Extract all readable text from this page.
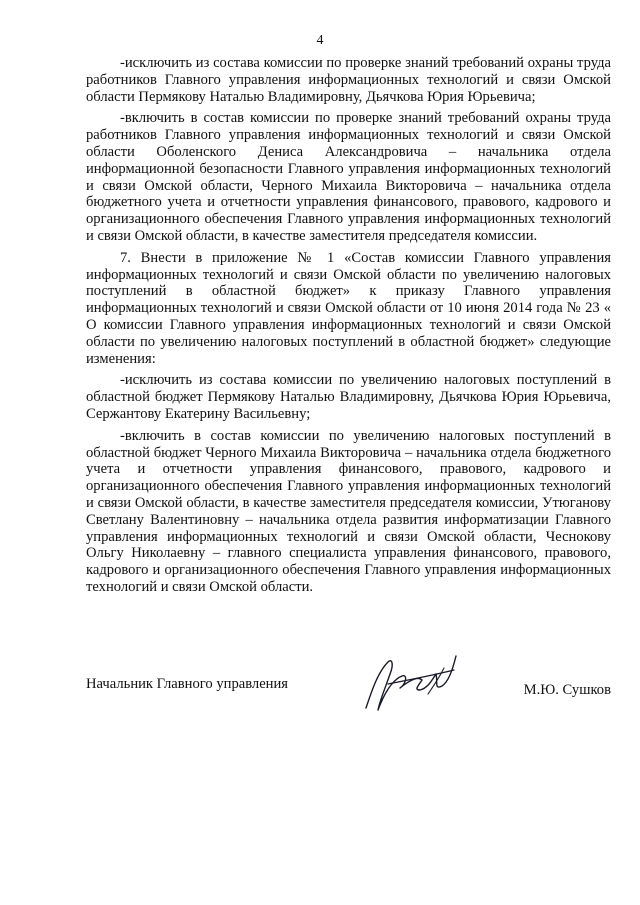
4

-исключить из состава комиссии по проверке знаний требований охраны труда работников Главного управления информационных технологий и связи Омской области Пермякову Наталью Владимировну, Дьячкова Юрия Юрьевича;

-включить в состав комиссии по проверке знаний требований охраны труда работников Главного управления информационных технологий и связи Омской области Оболенского Дениса Александровича – начальника отдела информационной безопасности Главного управления информационных технологий и связи Омской области, Черного Михаила Викторовича – начальника отдела бюджетного учета и отчетности управления финансового, правового, кадрового и организационного обеспечения Главного управления информационных технологий и связи Омской области, в качестве заместителя председателя комиссии.

7. Внести в приложение № 1 «Состав комиссии Главного управления информационных технологий и связи Омской области по увеличению налоговых поступлений в областной бюджет» к приказу Главного управления информационных технологий и связи Омской области от 10 июня 2014 года № 23 « О комиссии Главного управления информационных технологий и связи Омской области по увеличению налоговых поступлений в областной бюджет» следующие изменения:

-исключить из состава комиссии по увеличению налоговых поступлений в областной бюджет Пермякову Наталью Владимировну, Дьячкова Юрия Юрьевича, Сержантову Екатерину Васильевну;

-включить в состав комиссии по увеличению налоговых поступлений в областной бюджет Черного Михаила Викторовича – начальника отдела бюджетного учета и отчетности управления финансового, правового, кадрового и организационного обеспечения Главного управления информационных технологий и связи Омской области, в качестве заместителя председателя комиссии, Утюганову Светлану Валентиновну – начальника отдела развития информатизации Главного управления информационных технологий и связи Омской области, Чеснокову Ольгу Николаевну – главного специалиста управления финансового, правового, кадрового и организационного обеспечения Главного управления информационных технологий и связи Омской области.

Начальник Главного управления	М.Ю. Сушков
